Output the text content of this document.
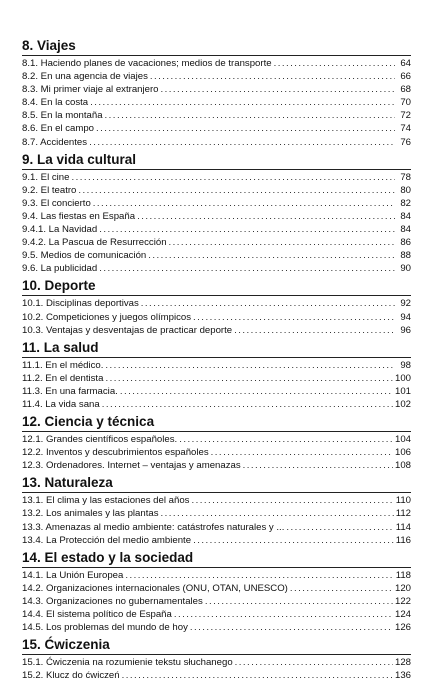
8. Viajes
8.1. Haciendo planes de vacaciones; medios de transporte . . .	64
8.2. En una agencia de viajes . . .	66
8.3. Mi primer viaje al extranjero . . .	68
8.4. En la costa . . .	70
8.5. En la montaña . . .	72
8.6. En el campo . . .	74
8.7. Accidentes . . .	76
9. La vida cultural
9.1. El cine . . .	78
9.2. El teatro . . .	80
9.3. El concierto . . .	82
9.4. Las fiestas en España . . .	84
9.4.1. La Navidad . . .	84
9.4.2. La Pascua de Resurrección . . .	86
9.5. Medios de comunicación . . .	88
9.6. La publicidad . . .	90
10. Deporte
10.1. Disciplinas deportivas . . .	92
10.2. Competiciones y juegos olímpicos . . .	94
10.3. Ventajas y desventajas de practicar deporte . . .	96
11. La salud
11.1. En el médico. . . .	98
11.2. En el dentista . . .	100
11.3. En una farmacia. . . .	101
11.4. La vida sana . . .	102
12. Ciencia y técnica
12.1. Grandes científicos españoles. . . .	104
12.2. Inventos y descubrimientos españoles . . .	106
12.3. Ordenadores. Internet – ventajas y amenazas . . .	108
13. Naturaleza
13.1. El clima y las estaciones del años . . .	110
13.2. Los animales y las plantas . . .	112
13.3. Amenazas al medio ambiente: catástrofes naturales y ... . . .	114
13.4. La Protección del medio ambiente . . .	116
14. El estado y la sociedad
14.1. La Unión Europea . . .	118
14.2. Organizaciones internacionales (ONU, OTAN, UNESCO) . . .	120
14.3. Organizaciones no gubernamentales . . .	122
14.4. El sistema político de España . . .	124
14.5. Los problemas del mundo de hoy . . .	126
15. Ćwiczenia
15.1. Ćwiczenia na rozumienie tekstu słuchanego . . .	128
15.2. Klucz do ćwiczeń . . .	136
